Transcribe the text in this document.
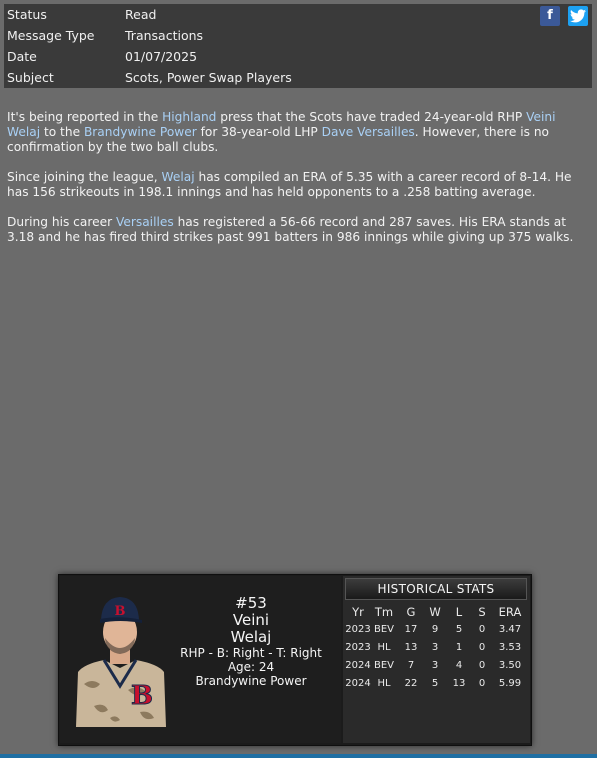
Status	Read
Message Type	Transactions
Date	01/07/2025
Subject	Scots, Power Swap Players
f

It's being reported in the Highland press that the Scots have traded 24-year-old RHP Veini Welaj to the Brandywine Power for 38-year-old LHP Dave Versailles. However, there is no confirmation by the two ball clubs.

Since joining the league, Welaj has compiled an ERA of 5.35 with a career record of 8-14. He has 156 strikeouts in 198.1 innings and has held opponents to a .258 batting average.

During his career Versailles has registered a 56-66 record and 287 saves. His ERA stands at 3.18 and he has fired third strikes past 991 batters in 986 innings while giving up 375 walks.

B
B
#53
Veini
Welaj
RHP - B: Right - T: Right
Age: 24
Brandywine Power
HISTORICAL STATS
Yr	Tm	G	W	L	S	ERA
2023	BEV	17	9	5	0	3.47
2023	HL	13	3	1	0	3.53
2024	BEV	7	3	4	0	3.50
2024	HL	22	5	13	0	5.99
